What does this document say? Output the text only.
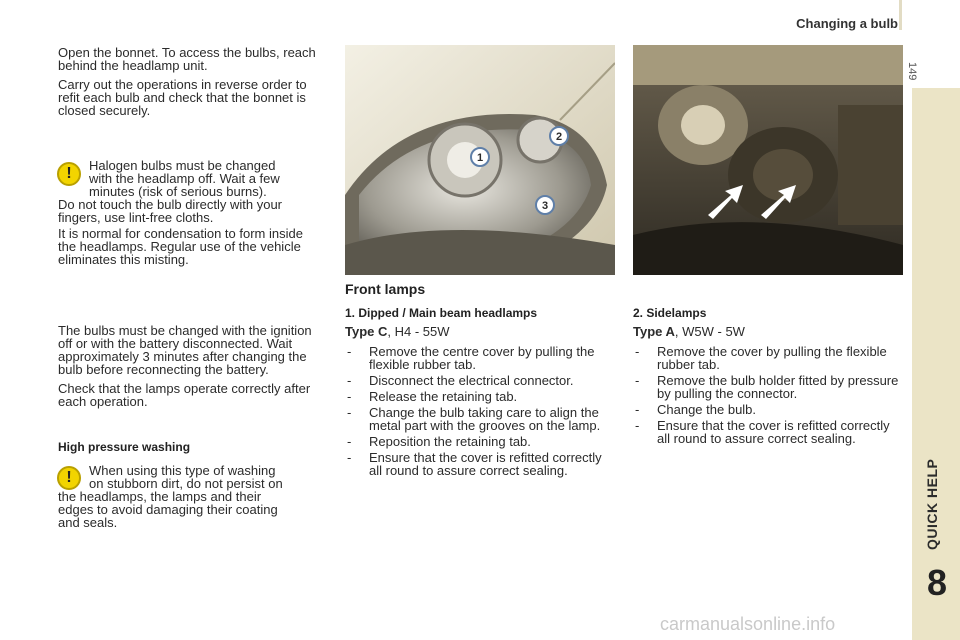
Changing a bulb
149
QUICK HELP
8

Open the bonnet. To access the bulbs, reach behind the headlamp unit.

Carry out the operations in reverse order to refit each bulb and check that the bonnet is closed securely.

!	Halogen bulbs must be changed
with the headlamp off. Wait a few
minutes (risk of serious burns).
Do not touch the bulb directly with your
fingers, use lint-free cloths.

It is normal for condensation to form inside the headlamps. Regular use of the vehicle eliminates this misting.

The bulbs must be changed with the ignition off or with the battery disconnected. Wait approximately 3 minutes after changing the bulb before reconnecting the battery.

Check that the lamps operate correctly after each operation.

High pressure washing
!	When using this type of washing
on stubborn dirt, do not persist on
the headlamps, the lamps and their
edges to avoid damaging their coating
and seals.
1
2
3
Front lamps
1. Dipped / Main beam headlamps
Type C, H4 - 55W
- Remove the centre cover by pulling the flexible rubber tab.
- Disconnect the electrical connector.
- Release the retaining tab.
- Change the bulb taking care to align the metal part with the grooves on the lamp.
- Reposition the retaining tab.
- Ensure that the cover is refitted correctly all round to assure correct sealing.
2. Sidelamps
Type A, W5W - 5W
- Remove the cover by pulling the flexible rubber tab.
- Remove the bulb holder fitted by pressure by pulling the connector.
- Change the bulb.
- Ensure that the cover is refitted correctly all round to assure correct sealing.
carmanualsonline.info
